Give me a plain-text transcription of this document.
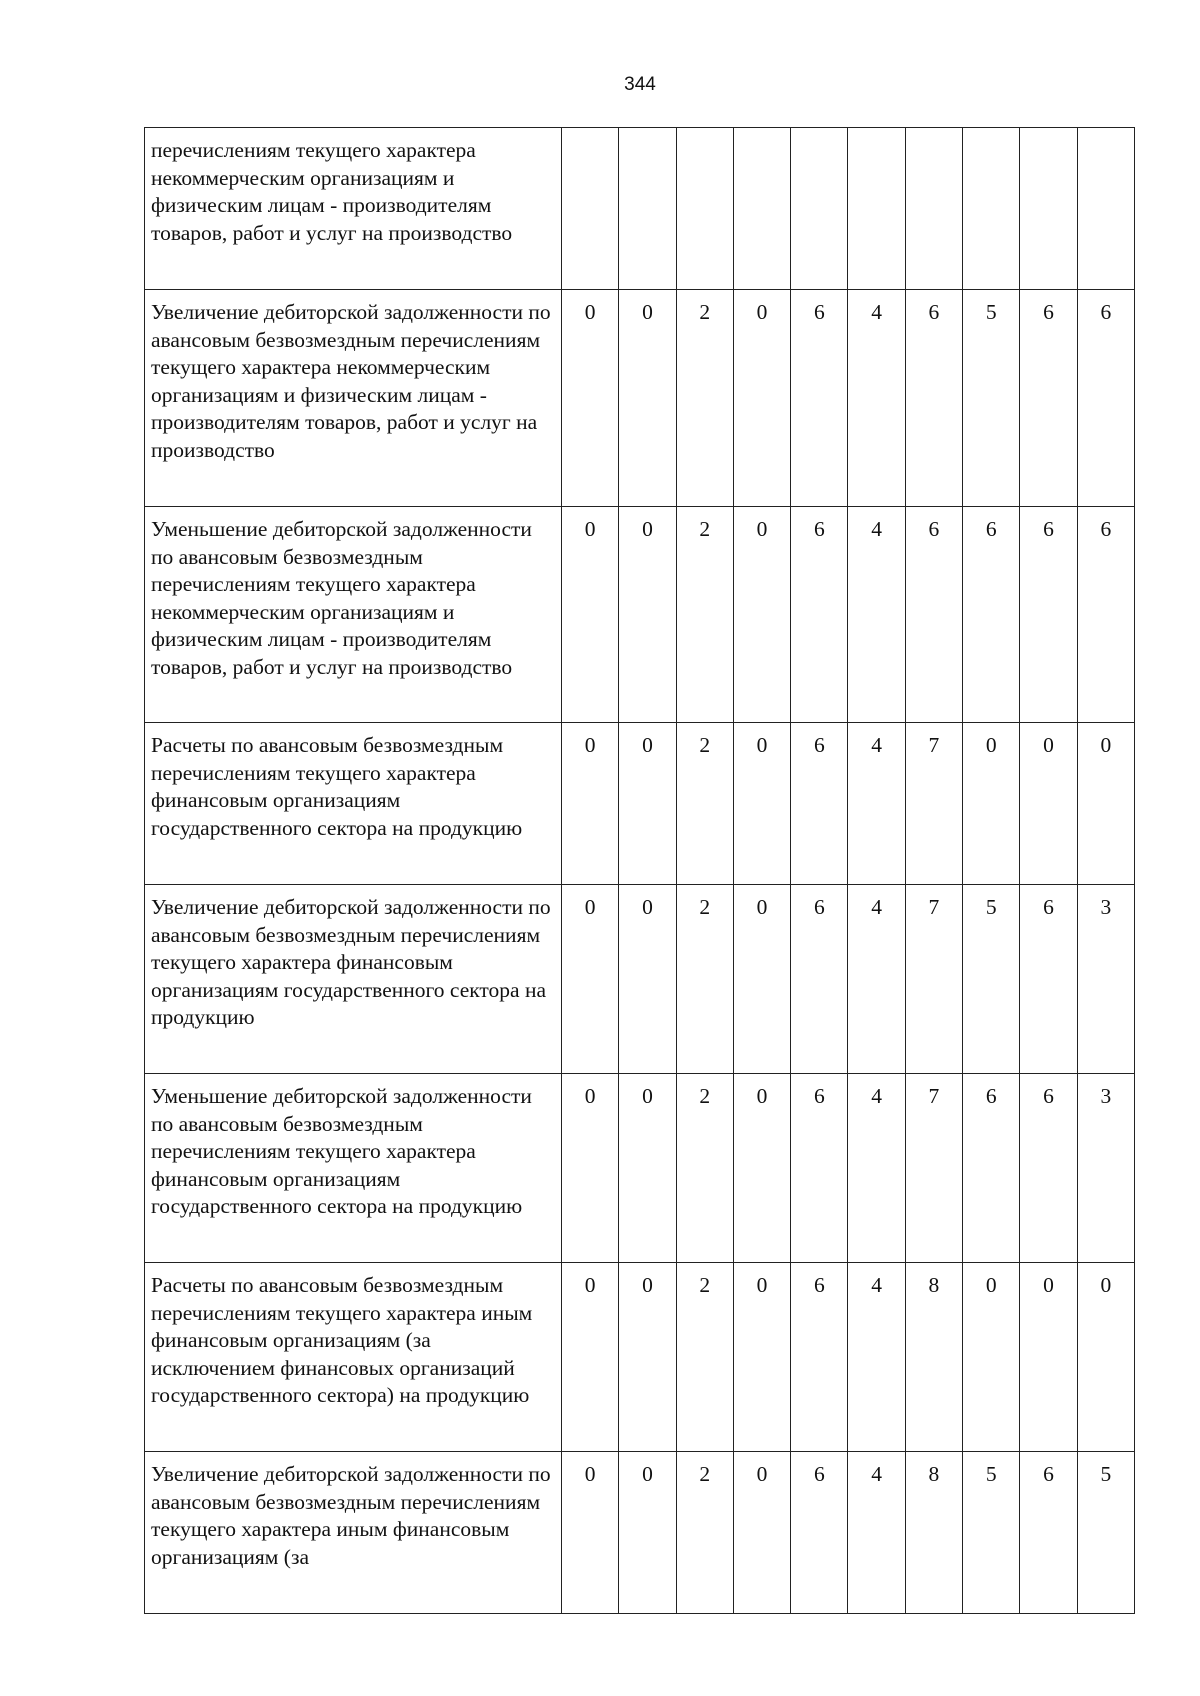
344
перечислениям текущего характера некоммерческим организациям и физическим лицам - производителям товаров, работ и услуг на производство										
Увеличение дебиторской задолженности по авансовым безвозмездным перечислениям текущего характера некоммерческим организациям и физическим лицам - производителям товаров, работ и услуг на производство	0	0	2	0	6	4	6	5	6	6
Уменьшение дебиторской задолженности по авансовым безвозмездным перечислениям текущего характера некоммерческим организациям и физическим лицам - производителям товаров, работ и услуг на производство	0	0	2	0	6	4	6	6	6	6
Расчеты по авансовым безвозмездным перечислениям текущего характера финансовым организациям государственного сектора на продукцию	0	0	2	0	6	4	7	0	0	0
Увеличение дебиторской задолженности по авансовым безвозмездным перечислениям текущего характера финансовым организациям государственного сектора на продукцию	0	0	2	0	6	4	7	5	6	3
Уменьшение дебиторской задолженности по авансовым безвозмездным перечислениям текущего характера финансовым организациям государственного сектора на продукцию	0	0	2	0	6	4	7	6	6	3
Расчеты по авансовым безвозмездным перечислениям текущего характера иным финансовым организациям (за исключением финансовых организаций государственного сектора) на продукцию	0	0	2	0	6	4	8	0	0	0
Увеличение дебиторской задолженности по авансовым безвозмездным перечислениям текущего характера иным финансовым организациям (за	0	0	2	0	6	4	8	5	6	5
